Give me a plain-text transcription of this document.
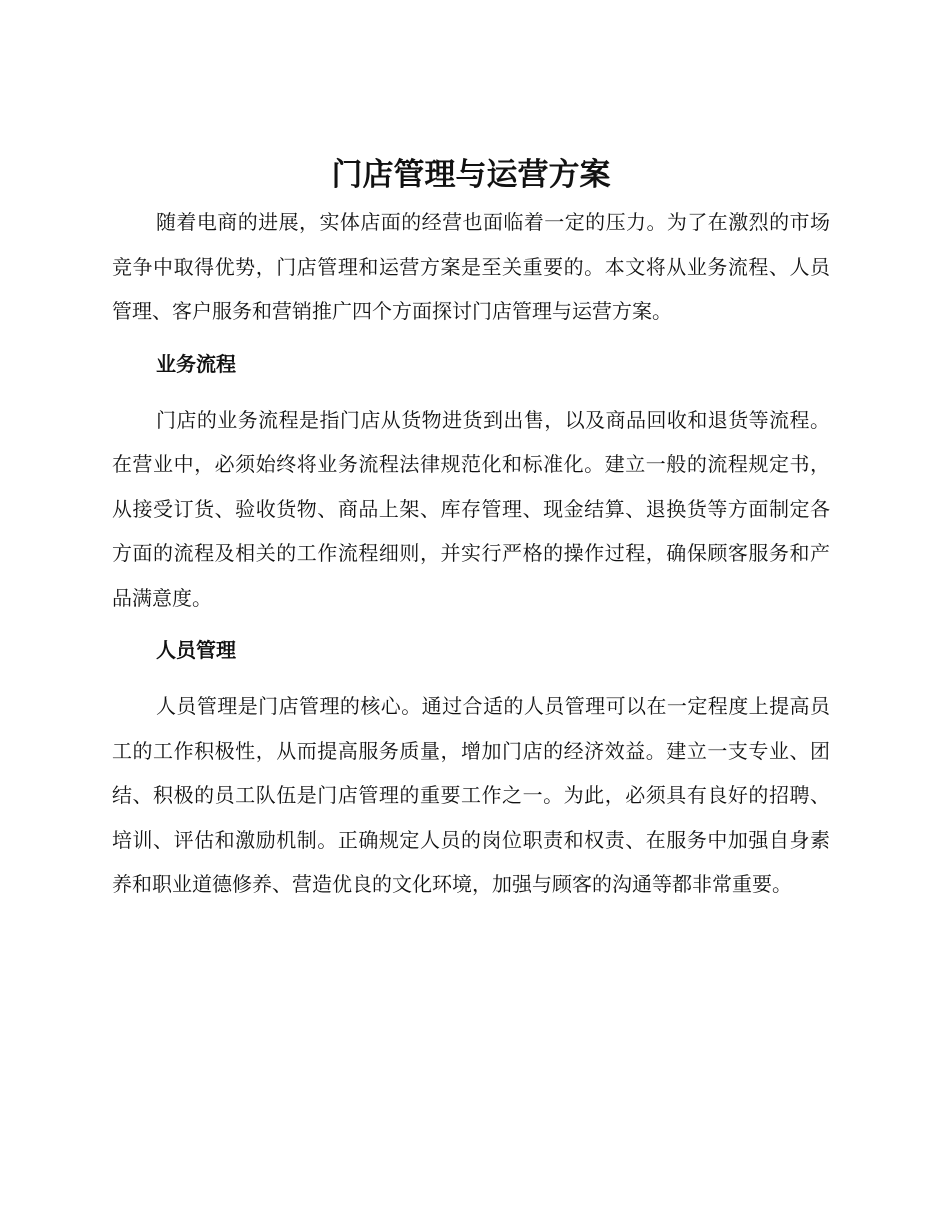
门店管理与运营方案

随着电商的进展，实体店面的经营也面临着一定的压力。为了在激烈的市场竞争中取得优势，门店管理和运营方案是至关重要的。本文将从业务流程、人员管理、客户服务和营销推广四个方面探讨门店管理与运营方案。

业务流程

门店的业务流程是指门店从货物进货到出售，以及商品回收和退货等流程。在营业中，必须始终将业务流程法律规范化和标准化。建立一般的流程规定书，从接受订货、验收货物、商品上架、库存管理、现金结算、退换货等方面制定各方面的流程及相关的工作流程细则，并实行严格的操作过程，确保顾客服务和产品满意度。

人员管理

人员管理是门店管理的核心。通过合适的人员管理可以在一定程度上提高员工的工作积极性，从而提高服务质量，增加门店的经济效益。建立一支专业、团结、积极的员工队伍是门店管理的重要工作之一。为此，必须具有良好的招聘、培训、评估和激励机制。正确规定人员的岗位职责和权责、在服务中加强自身素养和职业道德修养、营造优良的文化环境，加强与顾客的沟通等都非常重要。
